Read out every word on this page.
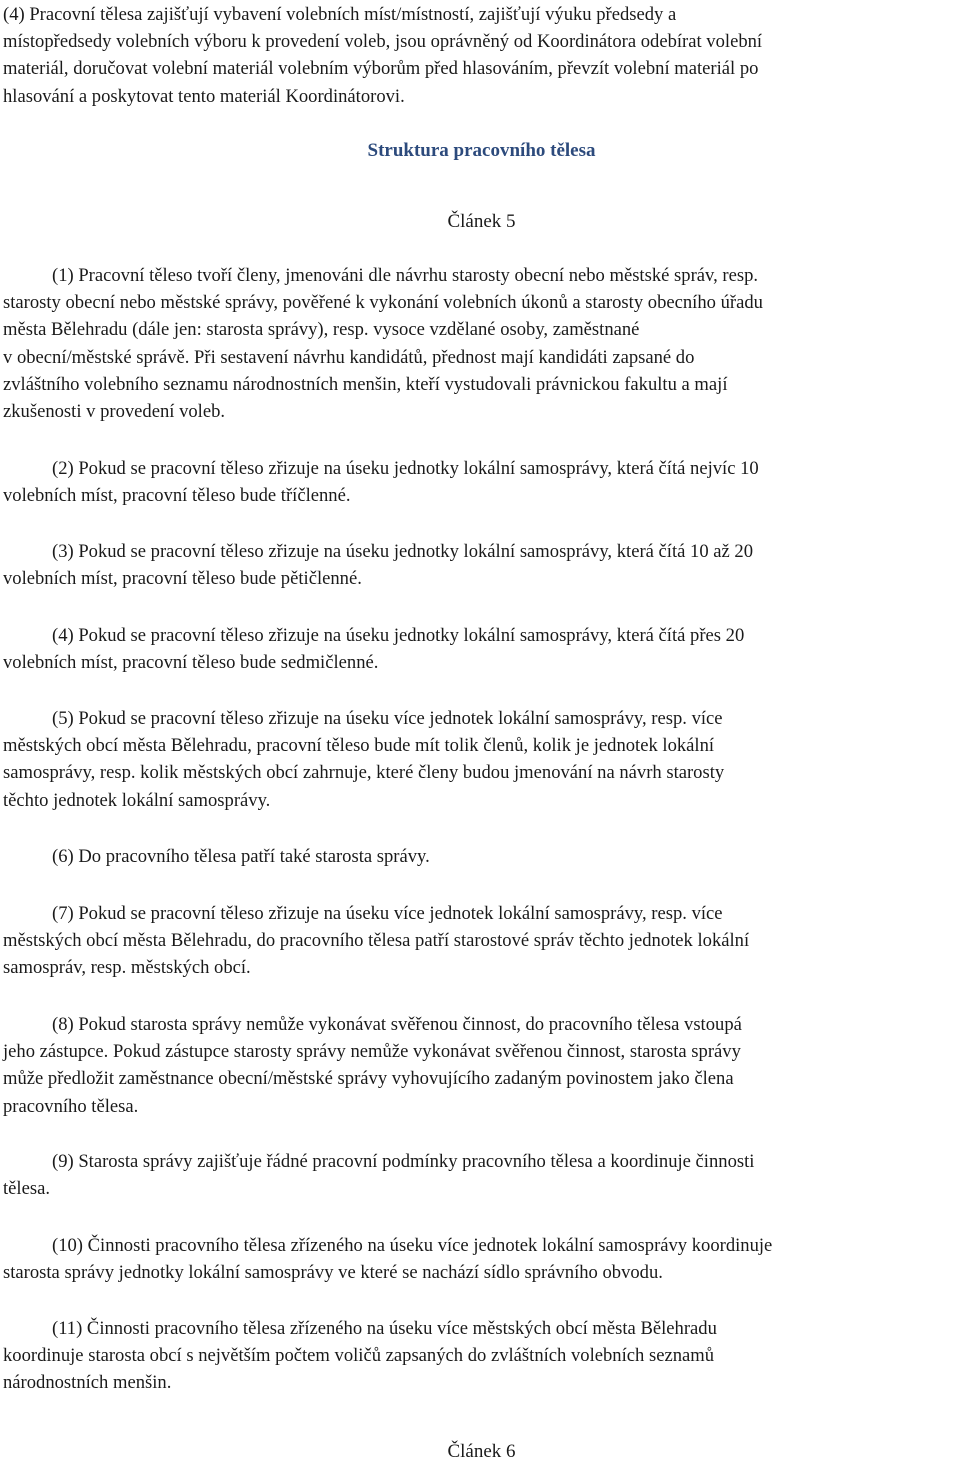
(4) Pracovní tělesa zajišťují vybavení volebních míst/místností, zajišťují výuku předsedy a
místopředsedy volebních výboru k provedení voleb, jsou oprávněný od Koordinátora odebírat volební
materiál, doručovat volební materiál volebním výborům před hlasováním, převzít volební materiál po
hlasování a poskytovat tento materiál Koordinátorovi.
Struktura pracovního tělesa
Článek 5
(1) Pracovní těleso tvoří členy, jmenováni dle návrhu starosty obecní nebo městské správ, resp.
starosty obecní nebo městské správy, pověřené k vykonání volebních úkonů a starosty obecního úřadu
města Bělehradu (dále jen: starosta správy), resp. vysoce vzdělané osoby, zaměstnané
v obecní/městské správě. Při sestavení návrhu kandidátů, přednost mají kandidáti zapsané do
zvláštního volebního seznamu národnostních menšin, kteří vystudovali právnickou fakultu a mají
zkušenosti v provedení voleb.
(2) Pokud se pracovní těleso zřizuje na úseku jednotky lokální samosprávy, která čítá nejvíc 10
volebních míst, pracovní těleso bude tříčlenné.
(3) Pokud se pracovní těleso zřizuje na úseku jednotky lokální samosprávy, která čítá 10 až 20
volebních míst, pracovní těleso bude pětičlenné.
(4) Pokud se pracovní těleso zřizuje na úseku jednotky lokální samosprávy, která čítá přes 20
volebních míst, pracovní těleso bude sedmičlenné.
(5) Pokud se pracovní těleso zřizuje na úseku více jednotek lokální samosprávy, resp. více
městských obcí města Bělehradu, pracovní těleso bude mít tolik členů, kolik je jednotek lokální
samosprávy, resp. kolik městských obcí zahrnuje, které členy budou jmenování na návrh starosty
těchto jednotek lokální samosprávy.
(6) Do pracovního tělesa patří také starosta správy.
(7) Pokud se pracovní těleso zřizuje na úseku více jednotek lokální samosprávy, resp. více
městských obcí města Bělehradu, do pracovního tělesa patří starostové správ těchto jednotek lokální
samospráv, resp. městských obcí.
(8) Pokud starosta správy nemůže vykonávat svěřenou činnost, do pracovního tělesa vstoupá
jeho zástupce. Pokud zástupce starosty správy nemůže vykonávat svěřenou činnost, starosta správy
může předložit zaměstnance obecní/městské správy vyhovujícího zadaným povinostem jako člena
pracovního tělesa.
(9) Starosta správy zajišťuje řádné pracovní podmínky pracovního tělesa a koordinuje činnosti
tělesa.
(10) Činnosti pracovního tělesa zřízeného na úseku více jednotek lokální samosprávy koordinuje
starosta správy jednotky lokální samosprávy ve které se nachází sídlo správního obvodu.
(11) Činnosti pracovního tělesa zřízeného na úseku více městských obcí města Bělehradu
koordinuje starosta obcí s největším počtem voličů zapsaných do zvláštních volebních seznamů
národnostních menšin.
Článek 6
